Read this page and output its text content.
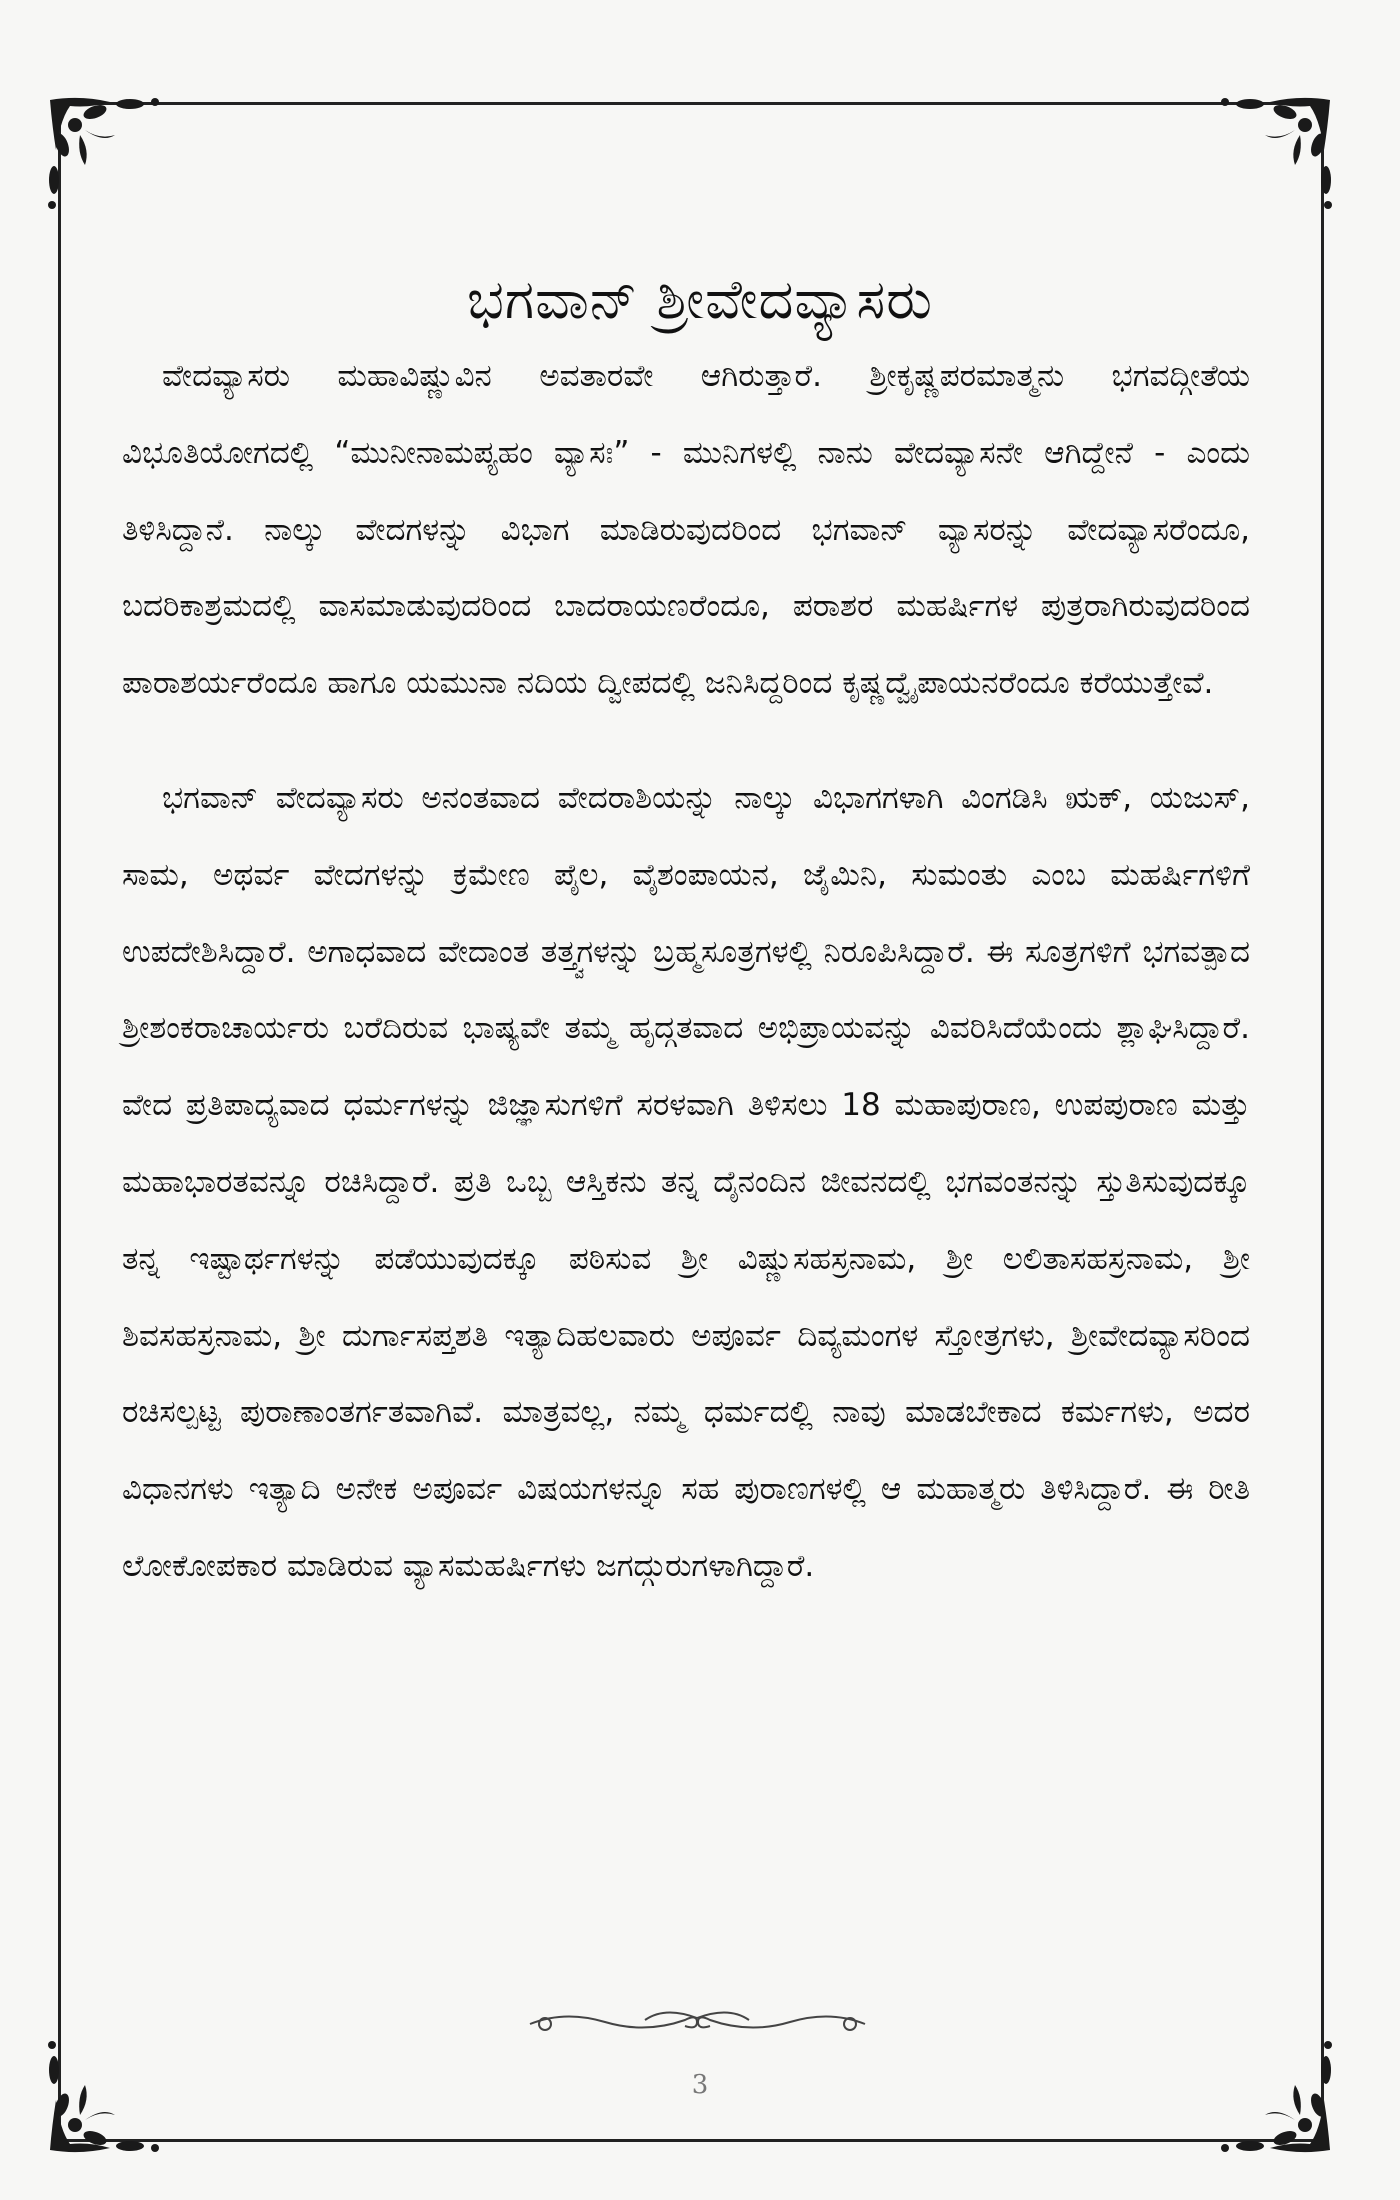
ಭಗವಾನ್ ಶ್ರೀವೇದವ್ಯಾಸರು

ವೇದವ್ಯಾಸರು ಮಹಾವಿಷ್ಣುವಿನ ಅವತಾರವೇ ಆಗಿರುತ್ತಾರೆ. ಶ್ರೀಕೃಷ್ಣಪರಮಾತ್ಮನು ಭಗವದ್ಗೀತೆಯ ವಿಭೂತಿಯೋಗದಲ್ಲಿ “ಮುನೀನಾಮಪ್ಯಹಂ ವ್ಯಾಸಃ” - ಮುನಿಗಳಲ್ಲಿ ನಾನು ವೇದವ್ಯಾಸನೇ ಆಗಿದ್ದೇನೆ - ಎಂದು ತಿಳಿಸಿದ್ದಾನೆ. ನಾಲ್ಕು ವೇದಗಳನ್ನು ವಿಭಾಗ ಮಾಡಿರುವುದರಿಂದ ಭಗವಾನ್ ವ್ಯಾಸರನ್ನು ವೇದವ್ಯಾಸರೆಂದೂ, ಬದರಿಕಾಶ್ರಮದಲ್ಲಿ ವಾಸಮಾಡುವುದರಿಂದ ಬಾದರಾಯಣರೆಂದೂ, ಪರಾಶರ ಮಹರ್ಷಿಗಳ ಪುತ್ರರಾಗಿರುವುದರಿಂದ ಪಾರಾಶರ್ಯರೆಂದೂ ಹಾಗೂ ಯಮುನಾ ನದಿಯ ದ್ವೀಪದಲ್ಲಿ ಜನಿಸಿದ್ದರಿಂದ ಕೃಷ್ಣದ್ವೈಪಾಯನರೆಂದೂ ಕರೆಯುತ್ತೇವೆ.

ಭಗವಾನ್ ವೇದವ್ಯಾಸರು ಅನಂತವಾದ ವೇದರಾಶಿಯನ್ನು ನಾಲ್ಕು ವಿಭಾಗಗಳಾಗಿ ವಿಂಗಡಿಸಿ ಋಕ್, ಯಜುಸ್, ಸಾಮ, ಅಥರ್ವ ವೇದಗಳನ್ನು ಕ್ರಮೇಣ ಪೈಲ, ವೈಶಂಪಾಯನ, ಜೈಮಿನಿ, ಸುಮಂತು ಎಂಬ ಮಹರ್ಷಿಗಳಿಗೆ ಉಪದೇಶಿಸಿದ್ದಾರೆ. ಅಗಾಧವಾದ ವೇದಾಂತ ತತ್ತ್ವಗಳನ್ನು ಬ್ರಹ್ಮಸೂತ್ರಗಳಲ್ಲಿ ನಿರೂಪಿಸಿದ್ದಾರೆ. ಈ ಸೂತ್ರಗಳಿಗೆ ಭಗವತ್ಪಾದ ಶ್ರೀಶಂಕರಾಚಾರ್ಯರು ಬರೆದಿರುವ ಭಾಷ್ಯವೇ ತಮ್ಮ ಹೃದ್ಗತವಾದ ಅಭಿಪ್ರಾಯವನ್ನು ವಿವರಿಸಿದೆಯೆಂದು ಶ್ಲಾಘಿಸಿದ್ದಾರೆ. ವೇದ ಪ್ರತಿಪಾದ್ಯವಾದ ಧರ್ಮಗಳನ್ನು ಜಿಜ್ಞಾಸುಗಳಿಗೆ ಸರಳವಾಗಿ ತಿಳಿಸಲು 18 ಮಹಾಪುರಾಣ, ಉಪಪುರಾಣ ಮತ್ತು ಮಹಾಭಾರತವನ್ನೂ ರಚಿಸಿದ್ದಾರೆ. ಪ್ರತಿ ಒಬ್ಬ ಆಸ್ತಿಕನು ತನ್ನ ದೈನಂದಿನ ಜೀವನದಲ್ಲಿ ಭಗವಂತನನ್ನು ಸ್ತುತಿಸುವುದಕ್ಕೂ ತನ್ನ ಇಷ್ಟಾರ್ಥಗಳನ್ನು ಪಡೆಯುವುದಕ್ಕೂ ಪಠಿಸುವ ಶ್ರೀ ವಿಷ್ಣುಸಹಸ್ರನಾಮ, ಶ್ರೀ ಲಲಿತಾಸಹಸ್ರನಾಮ, ಶ್ರೀ ಶಿವಸಹಸ್ರನಾಮ, ಶ್ರೀ ದುರ್ಗಾಸಪ್ತಶತಿ ಇತ್ಯಾದಿಹಲವಾರು ಅಪೂರ್ವ ದಿವ್ಯಮಂಗಳ ಸ್ತೋತ್ರಗಳು, ಶ್ರೀವೇದವ್ಯಾಸರಿಂದ ರಚಿಸಲ್ಪಟ್ಟ ಪುರಾಣಾಂತರ್ಗತವಾಗಿವೆ. ಮಾತ್ರವಲ್ಲ, ನಮ್ಮ ಧರ್ಮದಲ್ಲಿ ನಾವು ಮಾಡಬೇಕಾದ ಕರ್ಮಗಳು, ಅದರ ವಿಧಾನಗಳು ಇತ್ಯಾದಿ ಅನೇಕ ಅಪೂರ್ವ ವಿಷಯಗಳನ್ನೂ ಸಹ ಪುರಾಣಗಳಲ್ಲಿ ಆ ಮಹಾತ್ಮರು ತಿಳಿಸಿದ್ದಾರೆ. ಈ ರೀತಿ ಲೋಕೋಪಕಾರ ಮಾಡಿರುವ ವ್ಯಾಸಮಹರ್ಷಿಗಳು ಜಗದ್ಗುರುಗಳಾಗಿದ್ದಾರೆ.

3
